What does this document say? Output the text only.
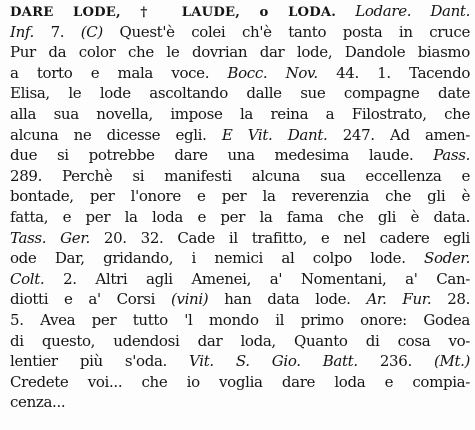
DARE LODE, † LAUDE, o LODA. Lodare. Dant.
Inf. 7. (C) Quest'è colei ch'è tanto posta in cruce
Pur da color che le dovrian dar lode, Dandole biasmo
a torto e mala voce. Bocc. Nov. 44. 1. Tacendo
Elisa, le lode ascoltando dalle sue compagne date
alla sua novella, impose la reina a Filostrato, che
alcuna ne dicesse egli. E Vit. Dant. 247. Ad amen-
due si potrebbe dare una medesima laude. Pass.
289. Perchè si manifesti alcuna sua eccellenza e
bontade, per l'onore e per la reverenzia che gli è
fatta, e per la loda e per la fama che gli è data.
Tass. Ger. 20. 32. Cade il trafitto, e nel cadere egli
ode Dar, gridando, i nemici al colpo lode. Soder.
Colt. 2. Altri agli Amenei, a' Nomentani, a' Can-
diotti e a' Corsi (vini) han data lode. Ar. Fur. 28.
5. Avea per tutto 'l mondo il primo onore: Godea
di questo, udendosi dar loda, Quanto di cosa vo-
lentier più s'oda. Vit. S. Gio. Batt. 236. (Mt.)
Credete voi... che io voglia dare loda e compia-
cenza...
